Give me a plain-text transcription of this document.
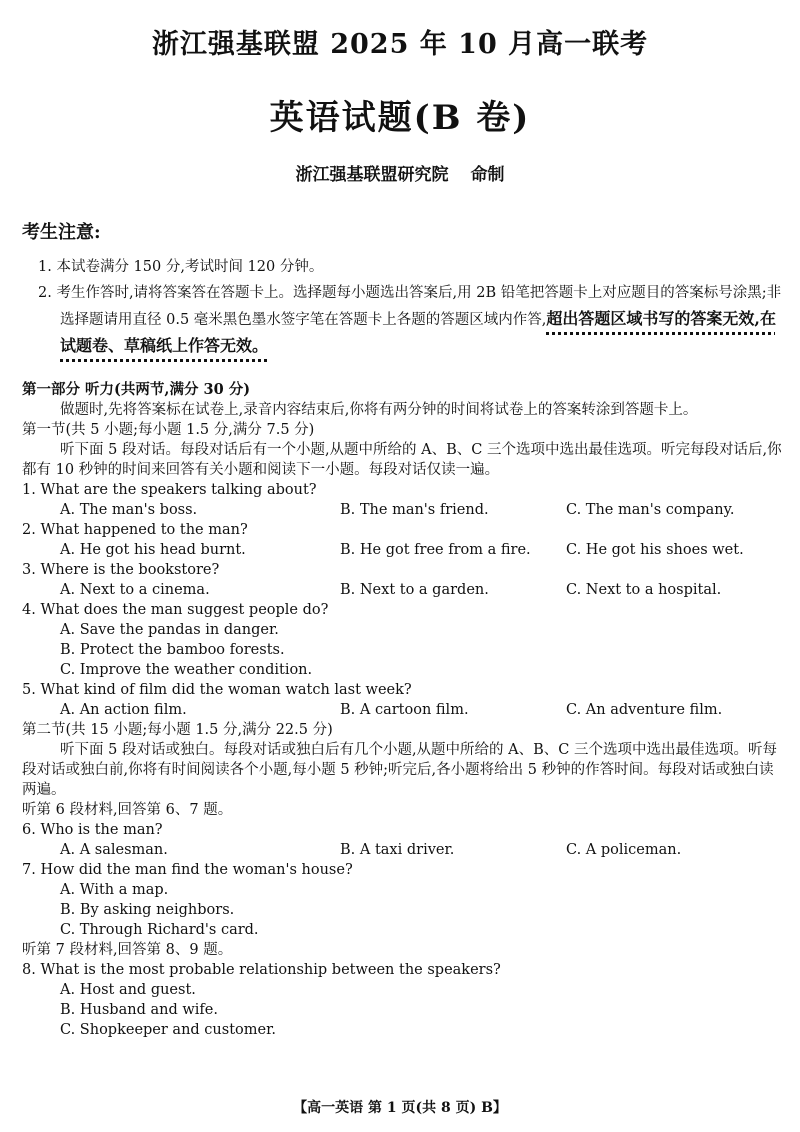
浙江强基联盟 2025 年 10 月高一联考
英语试题(B 卷)
浙江强基联盟研究院 命制
考生注意:
1. 本试卷满分 150 分,考试时间 120 分钟。
2. 考生作答时,请将答案答在答题卡上。选择题每小题选出答案后,用 2B 铅笔把答题卡上对应题目的答案标号涂黑;非选择题请用直径 0.5 毫米黑色墨水签字笔在答题卡上各题的答题区域内作答,超出答题区域书写的答案无效,在试题卷、草稿纸上作答无效。
第一部分 听力(共两节,满分 30 分)
做题时,先将答案标在试卷上,录音内容结束后,你将有两分钟的时间将试卷上的答案转涂到答题卡上。
第一节(共 5 小题;每小题 1.5 分,满分 7.5 分)
听下面 5 段对话。每段对话后有一个小题,从题中所给的 A、B、C 三个选项中选出最佳选项。听完每段对话后,你都有 10 秒钟的时间来回答有关小题和阅读下一小题。每段对话仅读一遍。
1. What are the speakers talking about?
A. The man's boss.	B. The man's friend.	C. The man's company.
2. What happened to the man?
A. He got his head burnt.	B. He got free from a fire.	C. He got his shoes wet.
3. Where is the bookstore?
A. Next to a cinema.	B. Next to a garden.	C. Next to a hospital.
4. What does the man suggest people do?
A. Save the pandas in danger.
B. Protect the bamboo forests.
C. Improve the weather condition.
5. What kind of film did the woman watch last week?
A. An action film.	B. A cartoon film.	C. An adventure film.
第二节(共 15 小题;每小题 1.5 分,满分 22.5 分)
听下面 5 段对话或独白。每段对话或独白后有几个小题,从题中所给的 A、B、C 三个选项中选出最佳选项。听每段对话或独白前,你将有时间阅读各个小题,每小题 5 秒钟;听完后,各小题将给出 5 秒钟的作答时间。每段对话或独白读两遍。
听第 6 段材料,回答第 6、7 题。
6. Who is the man?
A. A salesman.	B. A taxi driver.	C. A policeman.
7. How did the man find the woman's house?
A. With a map.
B. By asking neighbors.
C. Through Richard's card.
听第 7 段材料,回答第 8、9 题。
8. What is the most probable relationship between the speakers?
A. Host and guest.
B. Husband and wife.
C. Shopkeeper and customer.
【高一英语 第 1 页(共 8 页) B】
